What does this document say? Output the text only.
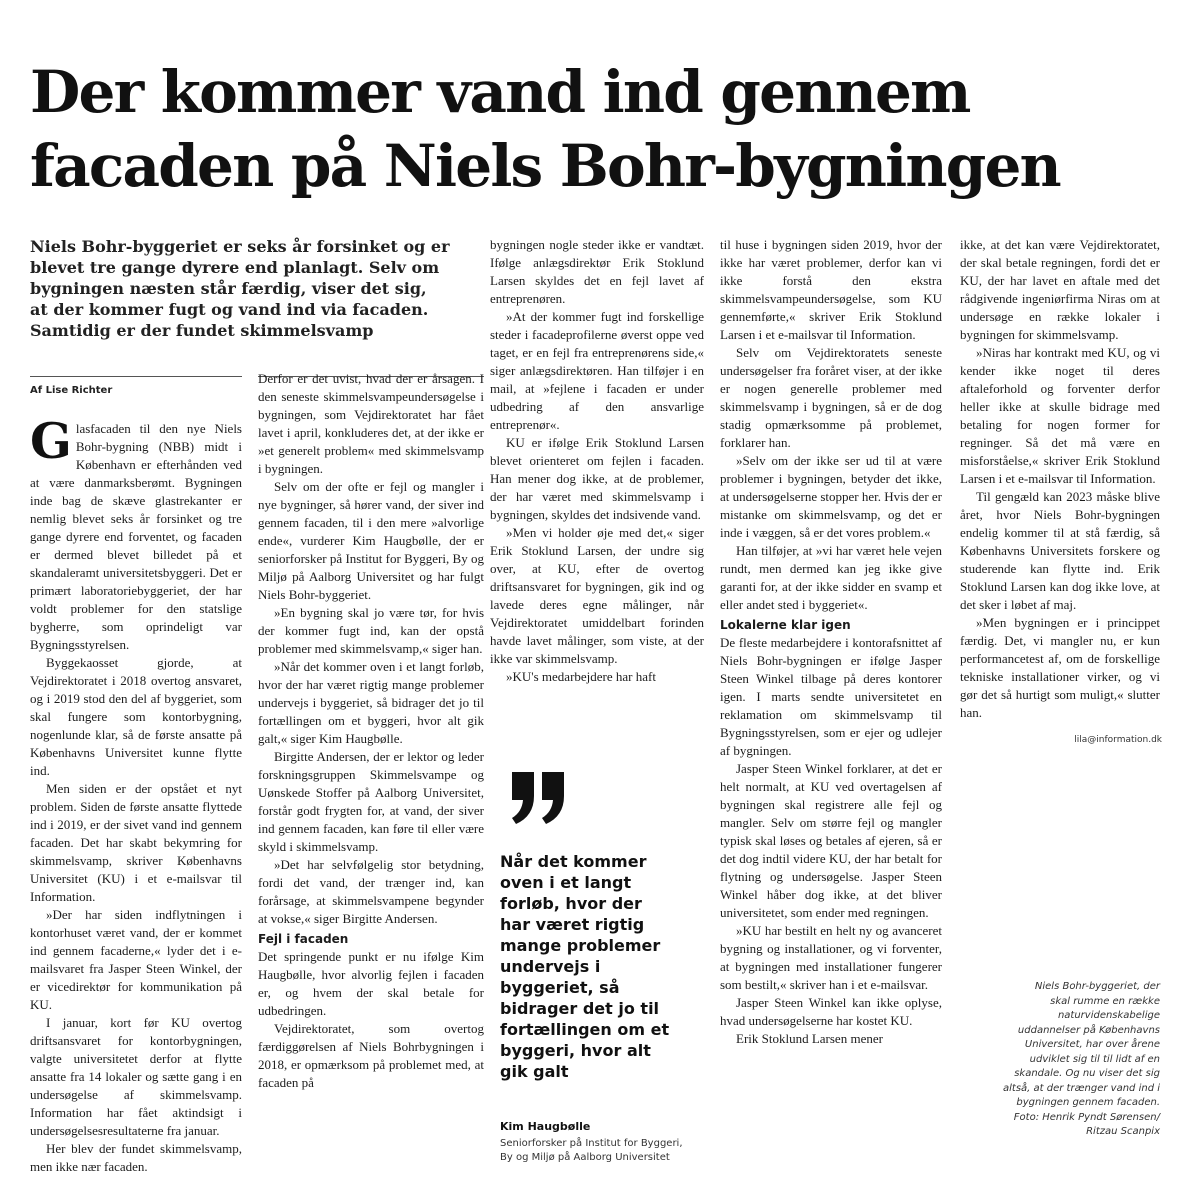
Der kommer vand ind gennem
facaden på Niels Bohr-bygningen
Niels Bohr-byggeriet er seks år forsinket og er
blevet tre gange dyrere end planlagt. Selv om
bygningen næsten står færdig, viser det sig,
at der kommer fugt og vand ind via facaden.
Samtidig er der fundet skimmelsvamp
Af Lise Richter

Glasfacaden til den nye Niels Bohr-bygning (NBB) midt i København er efterhånden ved at være danmarksberømt. Bygningen inde bag de skæve glastrekanter er nemlig blevet seks år forsinket og tre gange dyrere end forventet, og facaden er dermed blevet billedet på et skandaleramt universitetsbyggeri. Det er primært laboratoriebyggeriet, der har voldt problemer for den statslige bygherre, som oprindeligt var Bygningsstyrelsen.

Byggekaosset gjorde, at Vejdirektoratet i 2018 overtog ansvaret, og i 2019 stod den del af byggeriet, som skal fungere som kontorbygning, nogenlunde klar, så de første ansatte på Københavns Universitet kunne flytte ind.

Men siden er der opstået et nyt problem. Siden de første ansatte flyttede ind i 2019, er der sivet vand ind gennem facaden. Det har skabt bekymring for skimmelsvamp, skriver Københavns Universitet (KU) i et e-mailsvar til Information.

»Der har siden indflytningen i kontorhuset været vand, der er kommet ind gennem facaderne,« lyder det i e-mailsvaret fra Jasper Steen Winkel, der er vicedirektør for kommunikation på KU.

I januar, kort før KU overtog driftsansvaret for kontorbygningen, valgte universitetet derfor at flytte ansatte fra 14 lokaler og sætte gang i en undersøgelse af skimmelsvamp. Information har fået aktindsigt i undersøgelsesresultaterne fra januar.

Her blev der fundet skimmelsvamp, men ikke nær facaden.

Derfor er det uvist, hvad der er årsagen. I den seneste skimmelsvampeundersøgelse i bygningen, som Vejdirektoratet har fået lavet i april, konkluderes det, at der ikke er »et generelt problem« med skimmelsvamp i bygningen.

Selv om der ofte er fejl og mangler i nye bygninger, så hører vand, der siver ind gennem facaden, til i den mere »alvorlige ende«, vurderer Kim Haugbølle, der er seniorforsker på Institut for Byggeri, By og Miljø på Aalborg Universitet og har fulgt Niels Bohr-byggeriet.

»En bygning skal jo være tør, for hvis der kommer fugt ind, kan der opstå problemer med skimmelsvamp,« siger han.

»Når det kommer oven i et langt forløb, hvor der har været rigtig mange problemer undervejs i byggeriet, så bidrager det jo til fortællingen om et byggeri, hvor alt gik galt,« siger Kim Haugbølle.

Birgitte Andersen, der er lektor og leder forskningsgruppen Skimmelsvampe og Uønskede Stoffer på Aalborg Universitet, forstår godt frygten for, at vand, der siver ind gennem facaden, kan føre til eller være skyld i skimmelsvamp.

»Det har selvfølgelig stor betydning, fordi det vand, der trænger ind, kan forårsage, at skimmelsvampene begynder at vokse,« siger Birgitte Andersen.

Fejl i facaden

Det springende punkt er nu ifølge Kim Haugbølle, hvor alvorlig fejlen i facaden er, og hvem der skal betale for udbedringen.

Vejdirektoratet, som overtog færdiggørelsen af Niels Bohrbygningen i 2018, er opmærksom på problemet med, at facaden på

bygningen nogle steder ikke er vandtæt. Ifølge anlægsdirektør Erik Stoklund Larsen skyldes det en fejl lavet af entreprenøren.

»At der kommer fugt ind forskellige steder i facadeprofilerne øverst oppe ved taget, er en fejl fra entreprenørens side,« siger anlægsdirektøren. Han tilføjer i en mail, at »fejlene i facaden er under udbedring af den ansvarlige entreprenør«.

KU er ifølge Erik Stoklund Larsen blevet orienteret om fejlen i facaden. Han mener dog ikke, at de problemer, der har været med skimmelsvamp i bygningen, skyldes det indsivende vand.

»Men vi holder øje med det,« siger Erik Stoklund Larsen, der undre sig over, at KU, efter de overtog driftsansvaret for bygningen, gik ind og lavede deres egne målinger, når Vejdirektoratet umiddelbart forinden havde lavet målinger, som viste, at der ikke var skimmelsvamp.

»KU's medarbejdere har haft

Når det kommer
oven i et langt
forløb, hvor der
har været rigtig
mange problemer
undervejs i
byggeriet, så
bidrager det jo til
fortællingen om et
byggeri, hvor alt
gik galt
Kim Haugbølle
Seniorforsker på Institut for Byggeri,
By og Miljø på Aalborg Universitet

til huse i bygningen siden 2019, hvor der ikke har været problemer, derfor kan vi ikke forstå den ekstra skimmelsvampeundersøgelse, som KU gennemførte,« skriver Erik Stoklund Larsen i et e-mailsvar til Information.

Selv om Vejdirektoratets seneste undersøgelser fra foråret viser, at der ikke er nogen generelle problemer med skimmelsvamp i bygningen, så er de dog stadig opmærksomme på problemet, forklarer han.

»Selv om der ikke ser ud til at være problemer i bygningen, betyder det ikke, at undersøgelserne stopper her. Hvis der er mistanke om skimmelsvamp, og det er inde i væggen, så er det vores problem.«

Han tilføjer, at »vi har været hele vejen rundt, men dermed kan jeg ikke give garanti for, at der ikke sidder en svamp et eller andet sted i byggeriet«.

Lokalerne klar igen

De fleste medarbejdere i kontorafsnittet af Niels Bohr-bygningen er ifølge Jasper Steen Winkel tilbage på deres kontorer igen. I marts sendte universitetet en reklamation om skimmelsvamp til Bygningsstyrelsen, som er ejer og udlejer af bygningen.

Jasper Steen Winkel forklarer, at det er helt normalt, at KU ved overtagelsen af bygningen skal registrere alle fejl og mangler. Selv om større fejl og mangler typisk skal løses og betales af ejeren, så er det dog indtil videre KU, der har betalt for flytning og undersøgelse. Jasper Steen Winkel håber dog ikke, at det bliver universitetet, som ender med regningen.

»KU har bestilt en helt ny og avanceret bygning og installationer, og vi forventer, at bygningen med installationer fungerer som bestilt,« skriver han i et e-mailsvar.

Jasper Steen Winkel kan ikke oplyse, hvad undersøgelserne har kostet KU.

Erik Stoklund Larsen mener

ikke, at det kan være Vejdirektoratet, der skal betale regningen, fordi det er KU, der har lavet en aftale med det rådgivende ingeniørfirma Niras om at undersøge en række lokaler i bygningen for skimmelsvamp.

»Niras har kontrakt med KU, og vi kender ikke noget til deres aftaleforhold og forventer derfor heller ikke at skulle bidrage med betaling for nogen former for regninger. Så det må være en misforståelse,« skriver Erik Stoklund Larsen i et e-mailsvar til Information.

Til gengæld kan 2023 måske blive året, hvor Niels Bohr-bygningen endelig kommer til at stå færdig, så Københavns Universitets forskere og studerende kan flytte ind. Erik Stoklund Larsen kan dog ikke love, at det sker i løbet af maj.

»Men bygningen er i princippet færdig. Det, vi mangler nu, er kun performancetest af, om de forskellige tekniske installationer virker, og vi gør det så hurtigt som muligt,« slutter han.

lila@information.dk
Niels Bohr-byggeriet, der
skal rumme en række
naturvidenskabelige
uddannelser på Københavns
Universitet, har over årene
udviklet sig til til lidt af en
skandale. Og nu viser det sig
altså, at der trænger vand ind i
bygningen gennem facaden.
Foto: Henrik Pyndt Sørensen/
Ritzau Scanpix
